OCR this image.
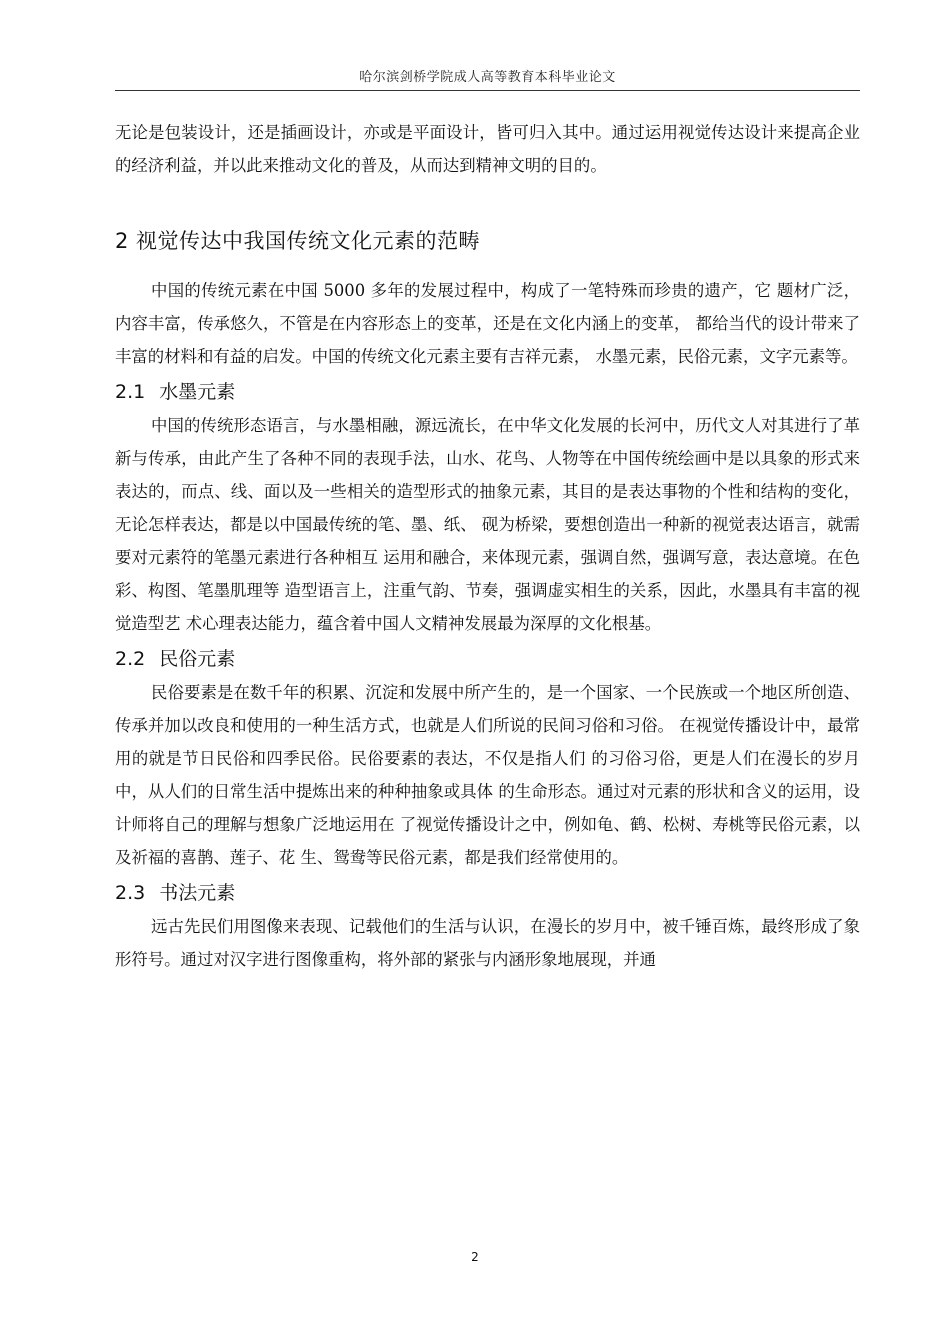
哈尔滨剑桥学院成人高等教育本科毕业论文

无论是包装设计，还是插画设计，亦或是平面设计，皆可归入其中。通过运用视觉传达设计来提高企业的经济利益，并以此来推动文化的普及，从而达到精神文明的目的。

2 视觉传达中我国传统文化元素的范畴

中国的传统元素在中国 5000 多年的发展过程中，构成了一笔特殊而珍贵的遗产，它 题材广泛，内容丰富，传承悠久，不管是在内容形态上的变革，还是在文化内涵上的变革， 都给当代的设计带来了丰富的材料和有益的启发。中国的传统文化元素主要有吉祥元素， 水墨元素，民俗元素，文字元素等。

2.1 水墨元素

中国的传统形态语言，与水墨相融，源远流长，在中华文化发展的长河中，历代文人对其进行了革新与传承，由此产生了各种不同的表现手法，山水、花鸟、人物等在中国传统绘画中是以具象的形式来表达的，而点、线、面以及一些相关的造型形式的抽象元素，其目的是表达事物的个性和结构的变化，无论怎样表达，都是以中国最传统的笔、墨、纸、 砚为桥梁，要想创造出一种新的视觉表达语言，就需要对元素符的笔墨元素进行各种相互 运用和融合，来体现元素，强调自然，强调写意，表达意境。在色彩、构图、笔墨肌理等 造型语言上，注重气韵、节奏，强调虚实相生的关系，因此，水墨具有丰富的视觉造型艺 术心理表达能力，蕴含着中国人文精神发展最为深厚的文化根基。

2.2 民俗元素

民俗要素是在数千年的积累、沉淀和发展中所产生的，是一个国家、一个民族或一个地区所创造、传承并加以改良和使用的一种生活方式，也就是人们所说的民间习俗和习俗。 在视觉传播设计中，最常用的就是节日民俗和四季民俗。民俗要素的表达，不仅是指人们 的习俗习俗，更是人们在漫长的岁月中，从人们的日常生活中提炼出来的种种抽象或具体 的生命形态。通过对元素的形状和含义的运用，设计师将自己的理解与想象广泛地运用在 了视觉传播设计之中，例如龟、鹤、松树、寿桃等民俗元素，以及祈福的喜鹊、莲子、花 生、鸳鸯等民俗元素，都是我们经常使用的。

2.3 书法元素

远古先民们用图像来表现、记载他们的生活与认识，在漫长的岁月中，被千锤百炼，最终形成了象形符号。通过对汉字进行图像重构，将外部的紧张与内涵形象地展现，并通

2
